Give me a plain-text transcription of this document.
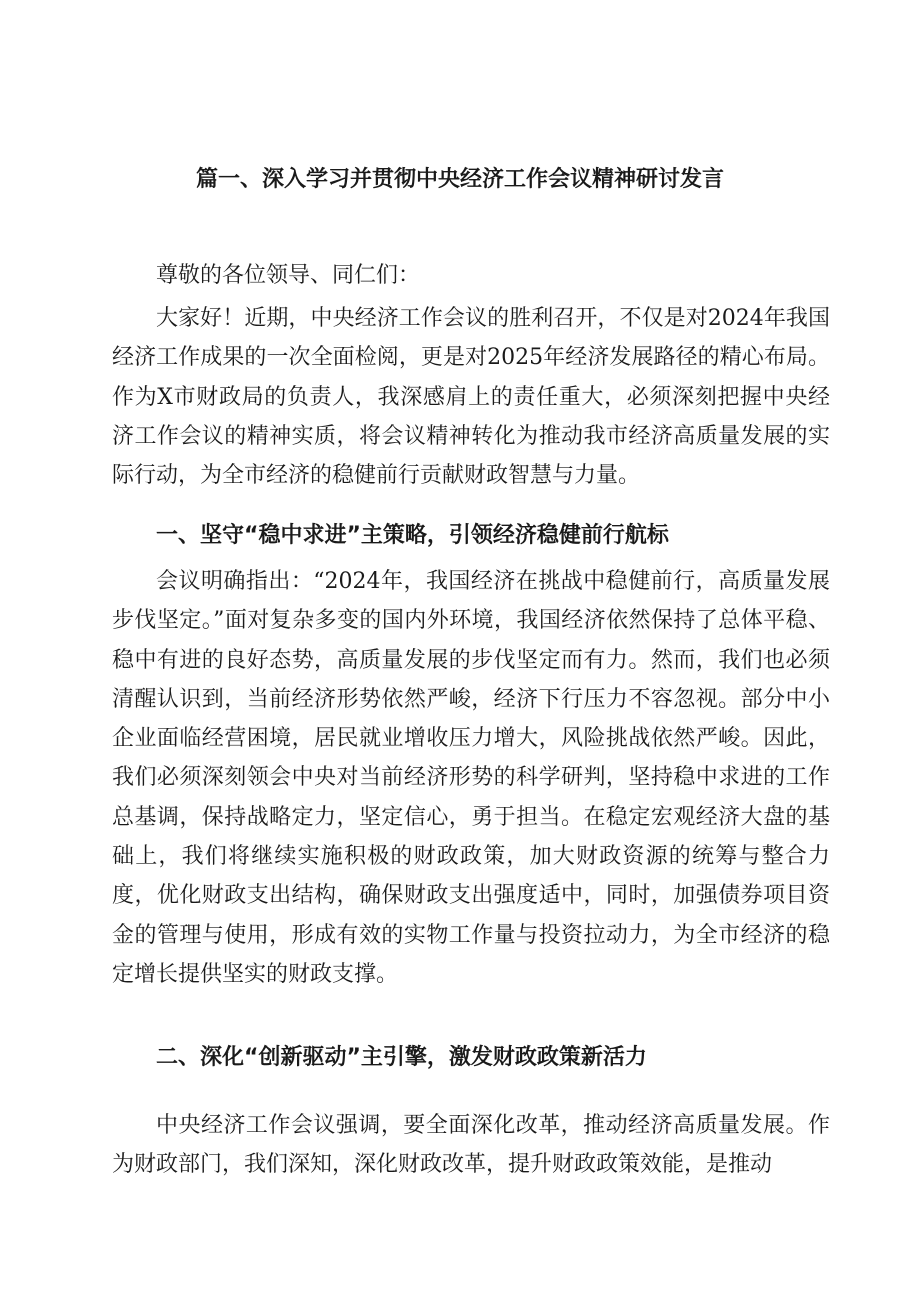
篇一、深入学习并贯彻中央经济工作会议精神研讨发言

尊敬的各位领导、同仁们：

大家好！近期，中央经济工作会议的胜利召开，不仅是对2024年我国经济工作成果的一次全面检阅，更是对2025年经济发展路径的精心布局。作为X市财政局的负责人，我深感肩上的责任重大，必须深刻把握中央经济工作会议的精神实质，将会议精神转化为推动我市经济高质量发展的实际行动，为全市经济的稳健前行贡献财政智慧与力量。

一、坚守“稳中求进”主策略，引领经济稳健前行航标

会议明确指出：“2024年，我国经济在挑战中稳健前行，高质量发展步伐坚定。”面对复杂多变的国内外环境，我国经济依然保持了总体平稳、稳中有进的良好态势，高质量发展的步伐坚定而有力。然而，我们也必须清醒认识到，当前经济形势依然严峻，经济下行压力不容忽视。部分中小企业面临经营困境，居民就业增收压力增大，风险挑战依然严峻。因此，我们必须深刻领会中央对当前经济形势的科学研判，坚持稳中求进的工作总基调，保持战略定力，坚定信心，勇于担当。在稳定宏观经济大盘的基础上，我们将继续实施积极的财政政策，加大财政资源的统筹与整合力度，优化财政支出结构，确保财政支出强度适中，同时，加强债券项目资金的管理与使用，形成有效的实物工作量与投资拉动力，为全市经济的稳定增长提供坚实的财政支撑。

二、深化“创新驱动”主引擎，激发财政政策新活力

中央经济工作会议强调，要全面深化改革，推动经济高质量发展。作为财政部门，我们深知，深化财政改革，提升财政政策效能，是推动
